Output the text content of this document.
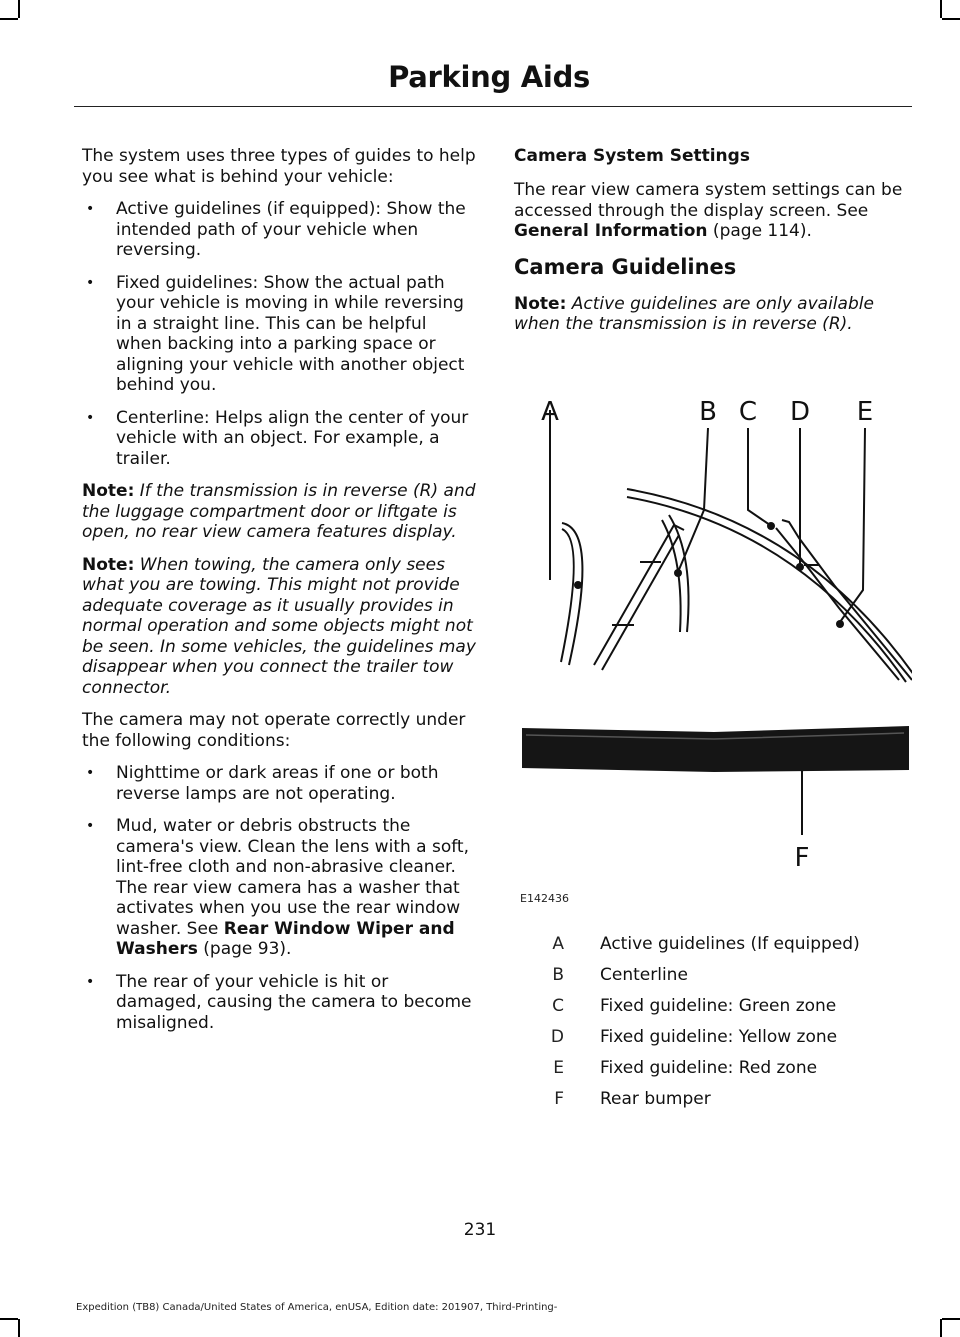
Parking Aids

The system uses three types of guides to help you see what is behind your vehicle:

• Active guidelines (if equipped): Show the intended path of your vehicle when reversing.
• Fixed guidelines: Show the actual path your vehicle is moving in while reversing in a straight line. This can be helpful when backing into a parking space or aligning your vehicle with another object behind you.
• Centerline: Helps align the center of your vehicle with an object. For example, a trailer.

Note: If the transmission is in reverse (R) and the luggage compartment door or liftgate is open, no rear view camera features display.

Note: When towing, the camera only sees what you are towing. This might not provide adequate coverage as it usually provides in normal operation and some objects might not be seen. In some vehicles, the guidelines may disappear when you connect the trailer tow connector.

The camera may not operate correctly under the following conditions:

• Nighttime or dark areas if one or both reverse lamps are not operating.
• Mud, water or debris obstructs the camera's view. Clean the lens with a soft, lint-free cloth and non-abrasive cleaner. The rear view camera has a washer that activates when you use the rear window washer. See Rear Window Wiper and Washers (page 93).
• The rear of your vehicle is hit or damaged, causing the camera to become misaligned.
Camera System Settings

The rear view camera system settings can be accessed through the display screen. See General Information (page 114).

Camera Guidelines

Note: Active guidelines are only available when the transmission is in reverse (R).

A	B C D E
F
E142436
A Active guidelines (If equipped)
B Centerline
C Fixed guideline: Green zone
D Fixed guideline: Yellow zone
E Fixed guideline: Red zone
F Rear bumper
231
Expedition (TB8) Canada/United States of America, enUSA, Edition date: 201907, Third-Printing-
